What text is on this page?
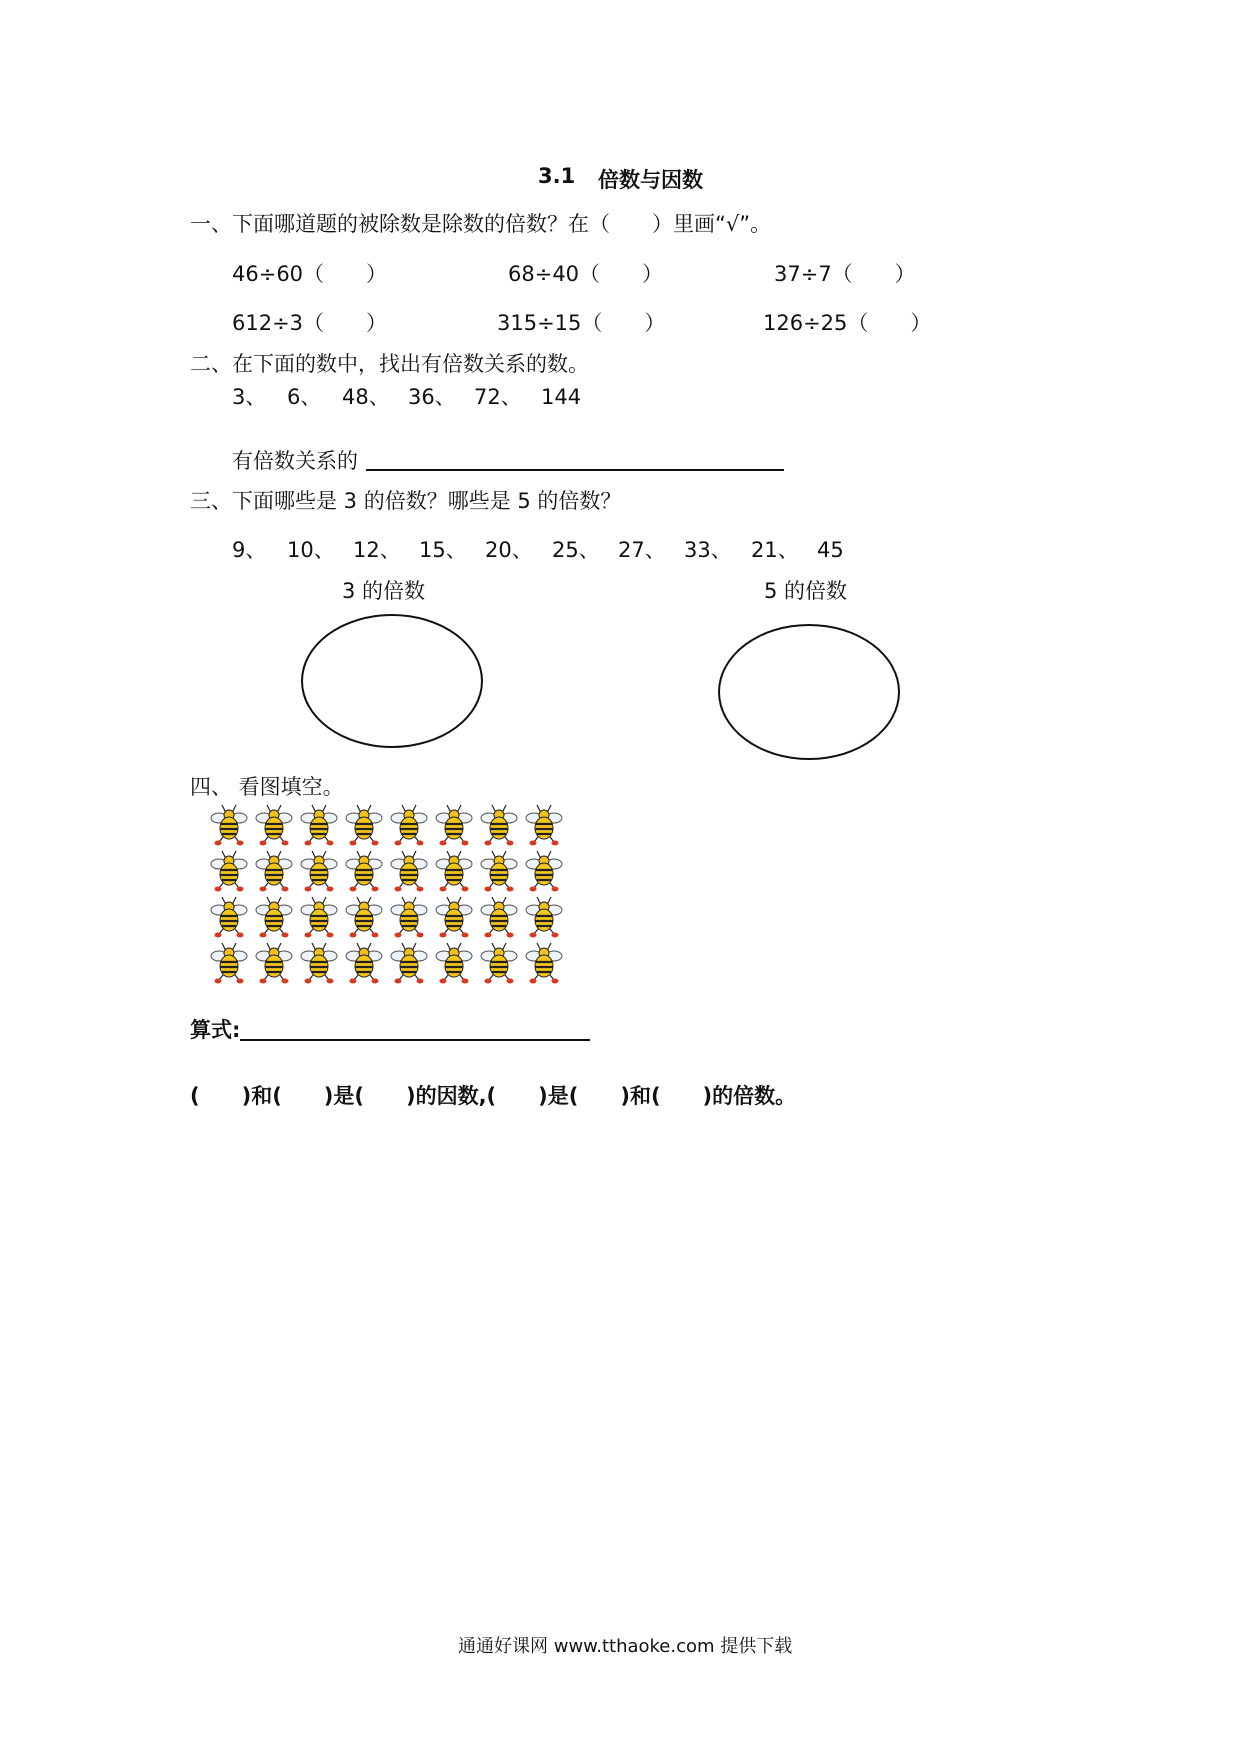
3.1 倍数与因数
一、下面哪道题的被除数是除数的倍数？在（　　）里画“√”。
46÷60（　　）	68÷40（　　）	37÷7（　　）
612÷3（　　）	315÷15（　　）	126÷25（　　）
二、在下面的数中，找出有倍数关系的数。
3、 6、 48、 36、 72、 144
有倍数关系的
三、下面哪些是 3 的倍数？哪些是 5 的倍数？
9、 10、 12、 15、 20、 25、 27、 33、 21、 45
3 的倍数	5 的倍数
四、 看图填空。
算式:
(　　)和(　　)是(　　)的因数,(　　)是(　　)和(　　)的倍数。
通通好课网 www.tthaoke.com 提供下载
